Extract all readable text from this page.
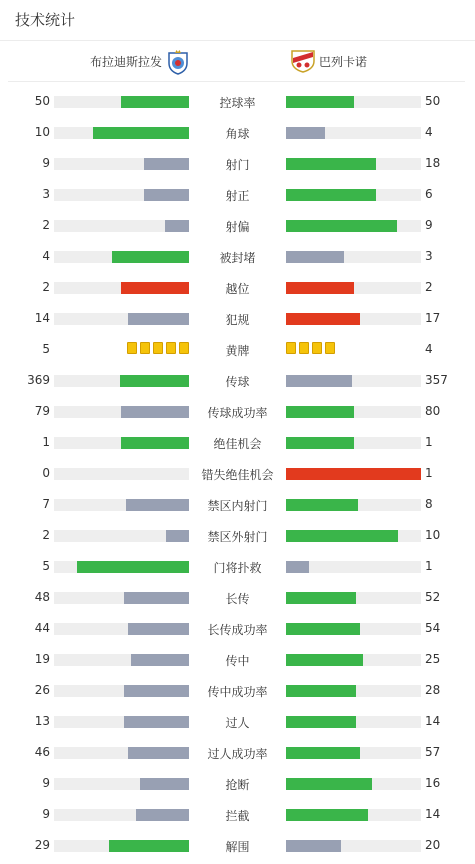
技术统计
布拉迪斯拉发	巴列卡诺
50	控球率	50
10	角球	4
9	射门	18
3	射正	6
2	射偏	9
4	被封堵	3
2	越位	2
14	犯规	17
5	黄牌	4
369	传球	357
79	传球成功率	80
1	绝佳机会	1
0	错失绝佳机会	1
7	禁区内射门	8
2	禁区外射门	10
5	门将扑救	1
48	长传	52
44	长传成功率	54
19	传中	25
26	传中成功率	28
13	过人	14
46	过人成功率	57
9	抢断	16
9	拦截	14
29	解围	20
